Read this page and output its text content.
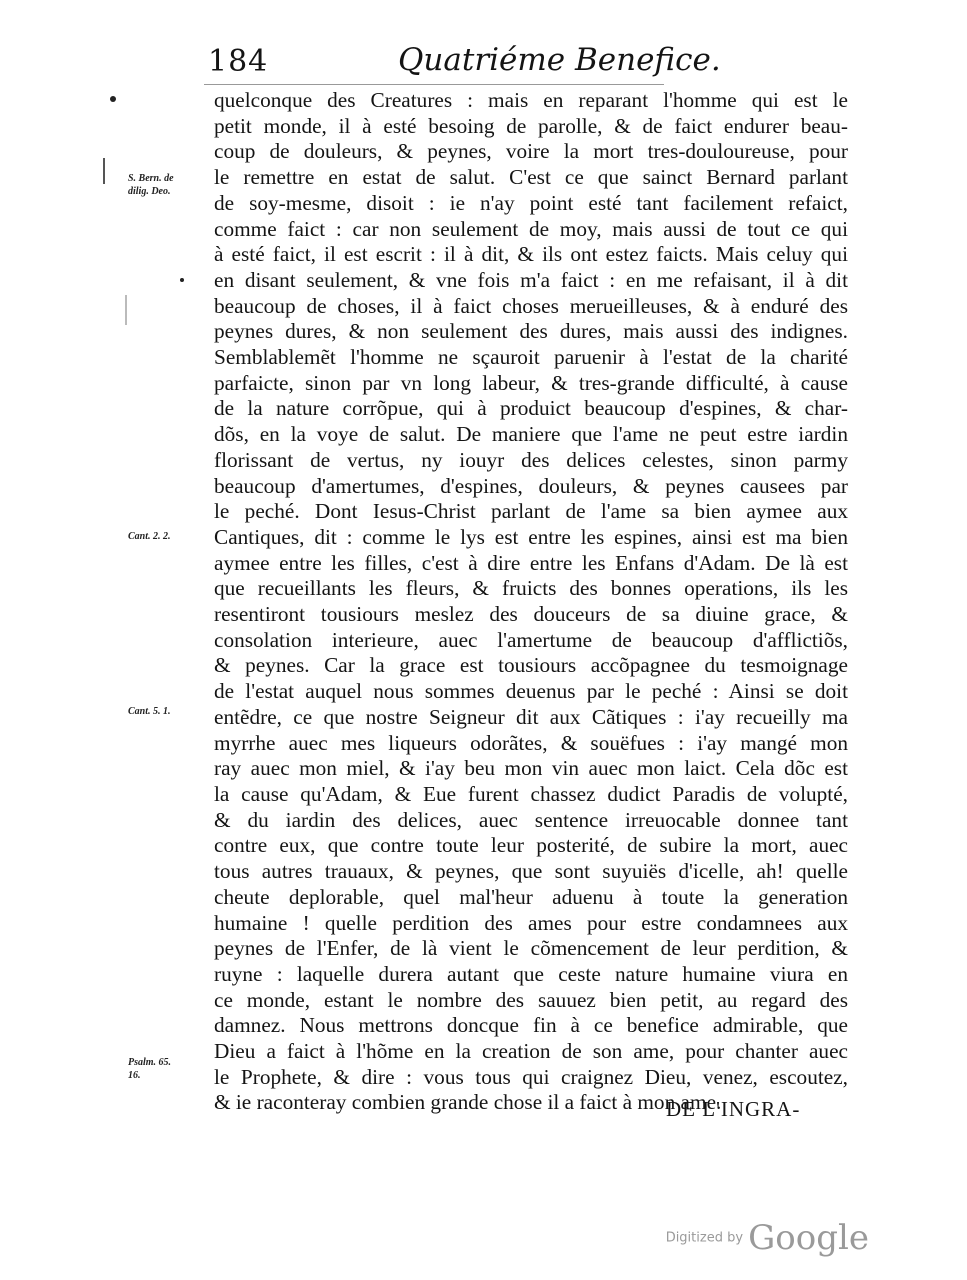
184	Quatriéme Benefice.
S. Bern. de
dilig. Deo.
Cant. 2. 2.
Cant. 5. 1.
Psalm. 65.
16.
quelconque des Creatures : mais en reparant l'homme qui est le
petit monde, il à esté besoing de parolle, & de faict endurer beau-
coup de douleurs, & peynes, voire la mort tres-douloureuse, pour
le remettre en estat de salut. C'est ce que sainct Bernard parlant
de soy-mesme, disoit : ie n'ay point esté tant facilement refaict,
comme faict : car non seulement de moy, mais aussi de tout ce qui
à esté faict, il est escrit : il à dit, & ils ont estez faicts. Mais celuy qui
en disant seulement, & vne fois m'a faict : en me refaisant, il à dit
beaucoup de choses, il à faict choses merueilleuses, & à enduré des
peynes dures, & non seulement des dures, mais aussi des indignes.
Semblablemẽt l'homme ne sçauroit paruenir à l'estat de la charité
parfaicte, sinon par vn long labeur, & tres-grande difficulté, à cause
de la nature corrõpue, qui à produict beaucoup d'espines, & char-
dõs, en la voye de salut. De maniere que l'ame ne peut estre iardin
florissant de vertus, ny iouyr des delices celestes, sinon parmy
beaucoup d'amertumes, d'espines, douleurs, & peynes causees par
le peché. Dont Iesus-Christ parlant de l'ame sa bien aymee aux
Cantiques, dit : comme le lys est entre les espines, ainsi est ma bien
aymee entre les filles, c'est à dire entre les Enfans d'Adam. De là est
que recueillants les fleurs, & fruicts des bonnes operations, ils les
resentiront tousiours meslez des douceurs de sa diuine grace, &
consolation interieure, auec l'amertume de beaucoup d'afflictiõs,
& peynes. Car la grace est tousiours accõpagnee du tesmoignage
de l'estat auquel nous sommes deuenus par le peché : Ainsi se doit
entẽdre, ce que nostre Seigneur dit aux Cãtiques : i'ay recueilly ma
myrrhe auec mes liqueurs odorãtes, & souëfues : i'ay mangé mon
ray auec mon miel, & i'ay beu mon vin auec mon laict. Cela dõc est
la cause qu'Adam, & Eue furent chassez dudict Paradis de volupté,
& du iardin des delices, auec sentence irreuocable donnee tant
contre eux, que contre toute leur posterité, de subire la mort, auec
tous autres trauaux, & peynes, que sont suyuiës d'icelle, ah! quelle
cheute deplorable, quel mal'heur aduenu à toute la generation
humaine ! quelle perdition des ames pour estre condamnees aux
peynes de l'Enfer, de là vient le cõmencement de leur perdition, &
ruyne : laquelle durera autant que ceste nature humaine viura en
ce monde, estant le nombre des sauuez bien petit, au regard des
damnez. Nous mettrons doncque fin à ce benefice admirable, que
Dieu a faict à l'hõme en la creation de son ame, pour chanter auec
le Prophete, & dire : vous tous qui craignez Dieu, venez, escoutez,
& ie raconteray combien grande chose il a faict à mon ame.
DE L'INGRA-
Digitized by Google
